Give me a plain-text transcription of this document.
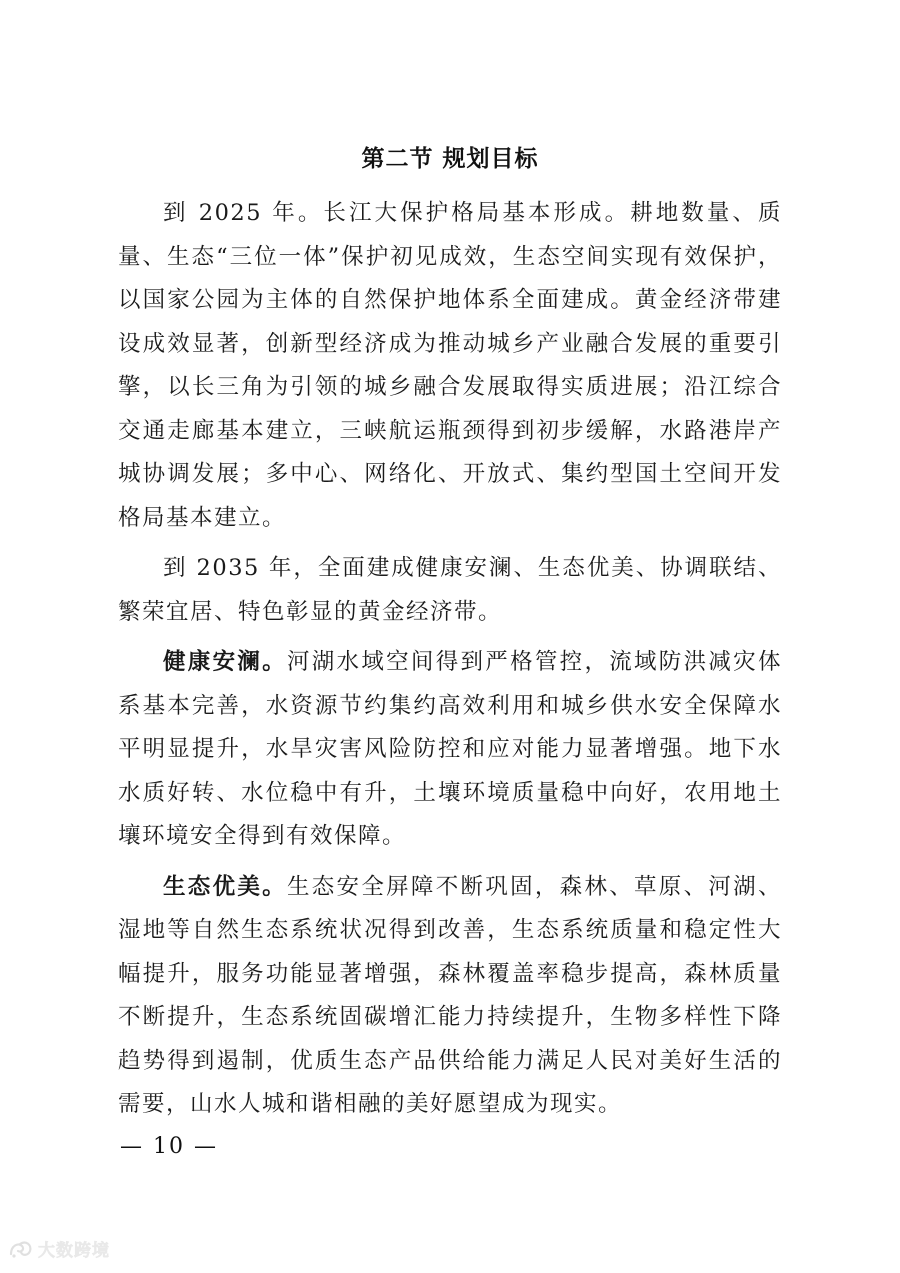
第二节 规划目标

到 2025 年。长江大保护格局基本形成。耕地数量、质量、生态“三位一体”保护初见成效，生态空间实现有效保护，以国家公园为主体的自然保护地体系全面建成。黄金经济带建设成效显著，创新型经济成为推动城乡产业融合发展的重要引擎，以长三角为引领的城乡融合发展取得实质进展；沿江综合交通走廊基本建立，三峡航运瓶颈得到初步缓解，水路港岸产城协调发展；多中心、网络化、开放式、集约型国土空间开发格局基本建立。

到 2035 年，全面建成健康安澜、生态优美、协调联结、繁荣宜居、特色彰显的黄金经济带。

健康安澜。河湖水域空间得到严格管控，流域防洪减灾体系基本完善，水资源节约集约高效利用和城乡供水安全保障水平明显提升，水旱灾害风险防控和应对能力显著增强。地下水水质好转、水位稳中有升，土壤环境质量稳中向好，农用地土壤环境安全得到有效保障。

生态优美。生态安全屏障不断巩固，森林、草原、河湖、湿地等自然生态系统状况得到改善，生态系统质量和稳定性大幅提升，服务功能显著增强，森林覆盖率稳步提高，森林质量不断提升，生态系统固碳增汇能力持续提升，生物多样性下降趋势得到遏制，优质生态产品供给能力满足人民对美好生活的需要，山水人城和谐相融的美好愿望成为现实。

— 10 —
大数跨境
